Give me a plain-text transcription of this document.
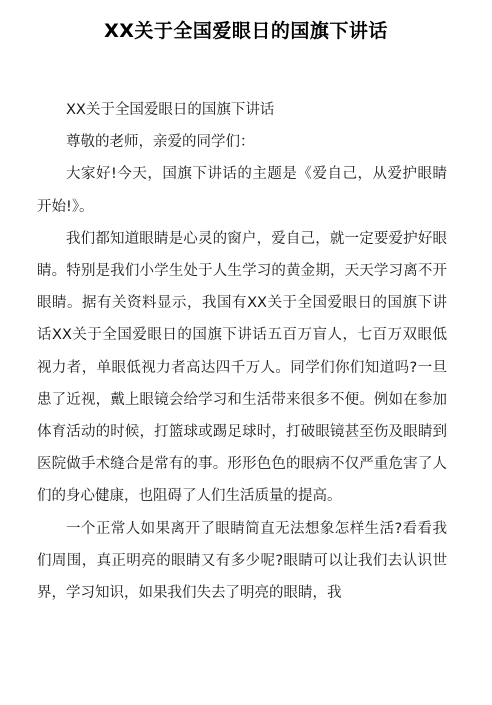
XX关于全国爱眼日的国旗下讲话

XX关于全国爱眼日的国旗下讲话

尊敬的老师，亲爱的同学们：

大家好!今天，国旗下讲话的主题是《爱自己，从爱护眼睛开始!》。

我们都知道眼睛是心灵的窗户，爱自己，就一定要爱护好眼睛。特别是我们小学生处于人生学习的黄金期，天天学习离不开眼睛。据有关资料显示，我国有XX关于全国爱眼日的国旗下讲话XX关于全国爱眼日的国旗下讲话五百万盲人，七百万双眼低视力者，单眼低视力者高达四千万人。同学们你们知道吗?一旦患了近视，戴上眼镜会给学习和生活带来很多不便。例如在参加体育活动的时候，打篮球或踢足球时，打破眼镜甚至伤及眼睛到医院做手术缝合是常有的事。形形色色的眼病不仅严重危害了人们的身心健康，也阻碍了人们生活质量的提高。

一个正常人如果离开了眼睛简直无法想象怎样生活?看看我们周围，真正明亮的眼睛又有多少呢?眼睛可以让我们去认识世界，学习知识，如果我们失去了明亮的眼睛，我
